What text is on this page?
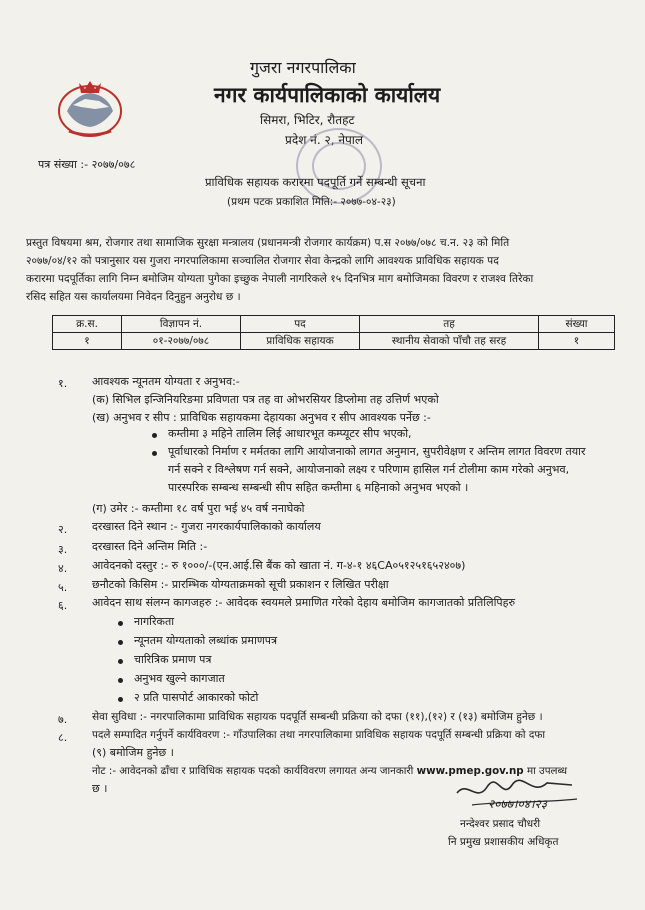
गुजरा नगरपालिका
नगर कार्यपालिकाको कार्यालय
सिमरा, भिटिर, रौतहट
प्रदेश नं. २, नेपाल
पत्र संख्या :- २०७७/०७८
प्राविधिक सहायक करारमा पदपूर्ति गर्ने सम्बन्धी सूचना
(प्रथम पटक प्रकाशित मिति:- २०७७-०४-२३)
प्रस्तुत विषयमा श्रम, रोजगार तथा सामाजिक सुरक्षा मन्त्रालय (प्रधानमन्त्री रोजगार कार्यक्रम) प.स २०७७/०७८ च.न. २३ को मिति
२०७७/०४/१२ को पत्रानुसार यस गुजरा नगरपालिकामा सञ्चालित रोजगार सेवा केन्द्रको लागि आवश्यक प्राविधिक सहायक पद
करारमा पदपूर्तिका लागि निम्न बमोजिम योग्यता पुगेका इच्छुक नेपाली नागरिकले १५ दिनभित्र माग बमोजिमका विवरण र राजश्व तिरेका
रसिद सहित यस कार्यालयमा निवेदन दिनुहुन अनुरोध छ ।
क्र.स.	विज्ञापन नं.	पद	तह	संख्या
१	०१-२०७७/०७८	प्राविधिक सहायक	स्थानीय सेवाको पाँचौ तह सरह	१
१. आवश्यक न्यूनतम योग्यता र अनुभव:-
(क) सिभिल इन्जिनियरिङमा प्रविणता पत्र तह वा ओभरसियर डिप्लोमा तह उत्तिर्ण भएको
(ख) अनुभव र सीप : प्राविधिक सहायकमा देहायका अनुभव र सीप आवश्यक पर्नेछ :-
कम्तीमा ३ महिने तालिम लिई आधारभूत कम्प्यूटर सीप भएको,
पूर्वाधारको निर्माण र मर्मतका लागि आयोजनाको लागत अनुमान, सुपरीवेक्षण र अन्तिम लागत विवरण तयार
गर्न सक्ने र विश्लेषण गर्न सक्ने, आयोजनाको लक्ष्य र परिणाम हासिल गर्न टोलीमा काम गरेको अनुभव,
पारस्परिक सम्बन्ध सम्बन्धी सीप सहित कम्तीमा ६ महिनाको अनुभव भएको ।
(ग) उमेर :- कम्तीमा १८ वर्ष पुरा भई ४५ वर्ष ननाघेको
२. दरखास्त दिने स्थान :- गुजरा नगरकार्यपालिकाको कार्यालय
३. दरखास्त दिने अन्तिम मिति :-
४. आवेदनको दस्तुर :- रु १०००/-(एन.आई.सि बैंक को खाता नं. ग-४-१ ४६CA०५१२५१६५२४०७)
५. छनौटको किसिम :- प्रारम्भिक योग्यताक्रमको सूची प्रकाशन र लिखित परीक्षा
६. आवेदन साथ संलग्न कागजहरु :- आवेदक स्वयमले प्रमाणित गरेको देहाय बमोजिम कागजातको प्रतिलिपिहरु
नागरिकता
न्यूनतम योग्यताको लब्धांक प्रमाणपत्र
चारित्रिक प्रमाण पत्र
अनुभव खुल्ने कागजात
२ प्रति पासपोर्ट आकारको फोटो
७. सेवा सुविधा :- नगरपालिकामा प्राविधिक सहायक पदपूर्ति सम्बन्धी प्रक्रिया को दफा (११),(१२) र (१३) बमोजिम हुनेछ ।
८. पदले सम्पादित गर्नुपर्ने कार्यविवरण :- गाँउपालिका तथा नगरपालिकामा प्राविधिक सहायक पदपूर्ति सम्बन्धी प्रक्रिया को दफा
(९) बमोजिम हुनेछ ।
नोट :- आवेदनको ढाँचा र प्राविधिक सहायक पदको कार्यविवरण लगायत अन्य जानकारी www.pmep.gov.np मा उपलब्ध
छ ।
२०७७।०४।२३
नन्देश्वर प्रसाद चौधरी
नि प्रमुख प्रशासकीय अधिकृत
